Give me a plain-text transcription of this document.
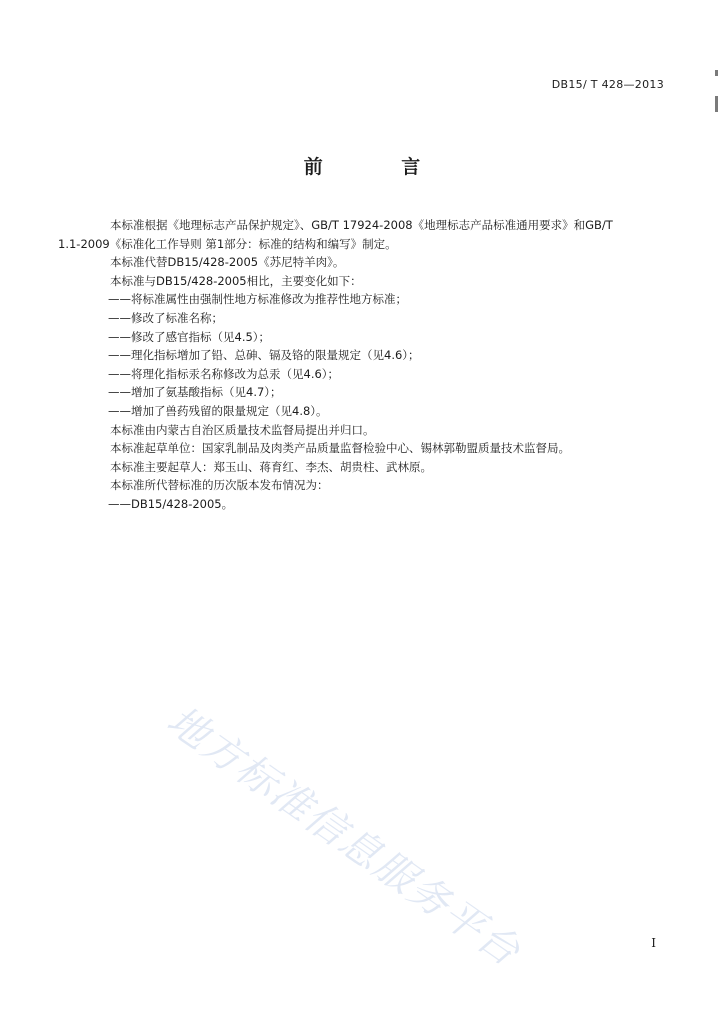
DB15/ T 428—2013
前 言
本标准根据《地理标志产品保护规定》、GB/T 17924-2008《地理标志产品标准通用要求》和GB/T
1.1-2009《标准化工作导则 第1部分：标准的结构和编写》制定。
本标准代替DB15/428-2005《苏尼特羊肉》。
本标准与DB15/428-2005相比，主要变化如下：
——将标准属性由强制性地方标准修改为推荐性地方标准；
——修改了标准名称；
——修改了感官指标（见4.5）；
——理化指标增加了铅、总砷、镉及铬的限量规定（见4.6）；
——将理化指标汞名称修改为总汞（见4.6）；
——增加了氨基酸指标（见4.7）；
——增加了兽药残留的限量规定（见4.8）。
本标准由内蒙古自治区质量技术监督局提出并归口。
本标准起草单位：国家乳制品及肉类产品质量监督检验中心、锡林郭勒盟质量技术监督局。
本标准主要起草人：郑玉山、蒋育红、李杰、胡贵柱、武林原。
本标准所代替标准的历次版本发布情况为：
——DB15/428-2005。
地方标准信息服务平台	I
